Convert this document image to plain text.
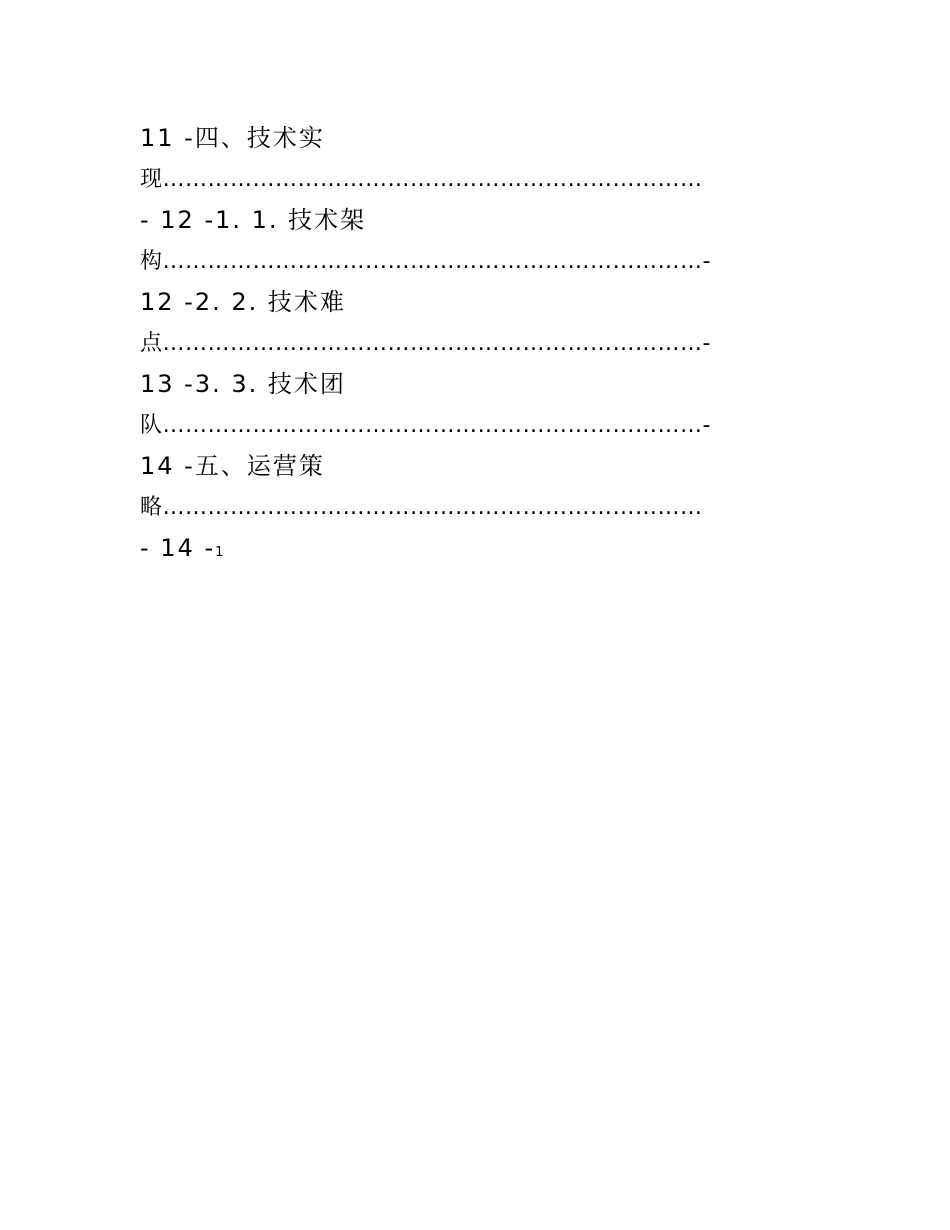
11 -四、技术实
现………………………………………………………………
- 12 -1. 1. 技术架
构………………………………………………………………-
12 -2. 2. 技术难
点………………………………………………………………-
13 -3. 3. 技术团
队………………………………………………………………-
14 -五、运营策
略………………………………………………………………
- 14 -1
